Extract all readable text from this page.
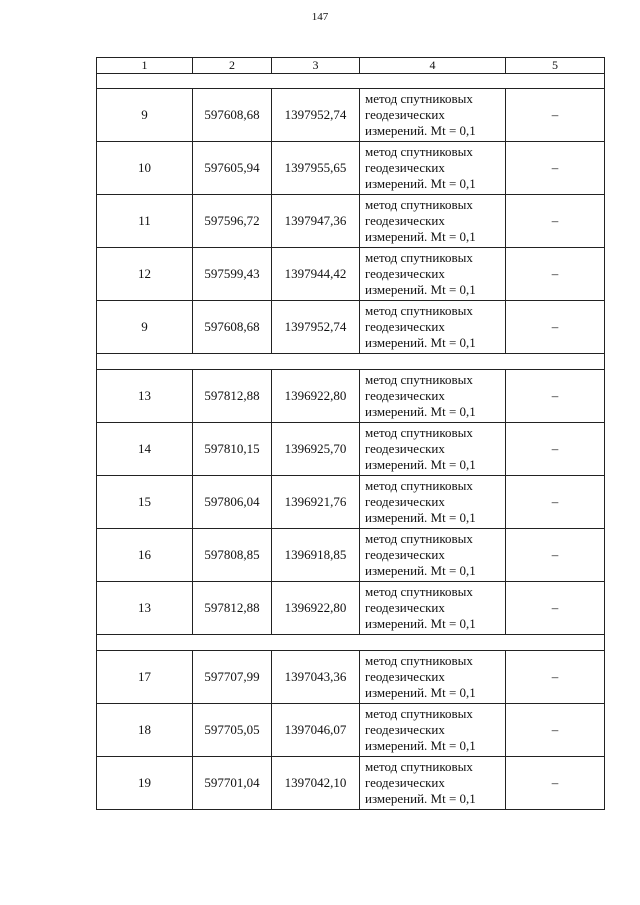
147
1	2	3	4	5

9	597608,68	1397952,74	метод спутниковых геодезических измерений. Mt = 0,1	–
10	597605,94	1397955,65	метод спутниковых геодезических измерений. Mt = 0,1	–
11	597596,72	1397947,36	метод спутниковых геодезических измерений. Mt = 0,1	–
12	597599,43	1397944,42	метод спутниковых геодезических измерений. Mt = 0,1	–
9	597608,68	1397952,74	метод спутниковых геодезических измерений. Mt = 0,1	–

13	597812,88	1396922,80	метод спутниковых геодезических измерений. Mt = 0,1	–
14	597810,15	1396925,70	метод спутниковых геодезических измерений. Mt = 0,1	–
15	597806,04	1396921,76	метод спутниковых геодезических измерений. Mt = 0,1	–
16	597808,85	1396918,85	метод спутниковых геодезических измерений. Mt = 0,1	–
13	597812,88	1396922,80	метод спутниковых геодезических измерений. Mt = 0,1	–

17	597707,99	1397043,36	метод спутниковых геодезических измерений. Mt = 0,1	–
18	597705,05	1397046,07	метод спутниковых геодезических измерений. Mt = 0,1	–
19	597701,04	1397042,10	метод спутниковых геодезических измерений. Mt = 0,1	–
